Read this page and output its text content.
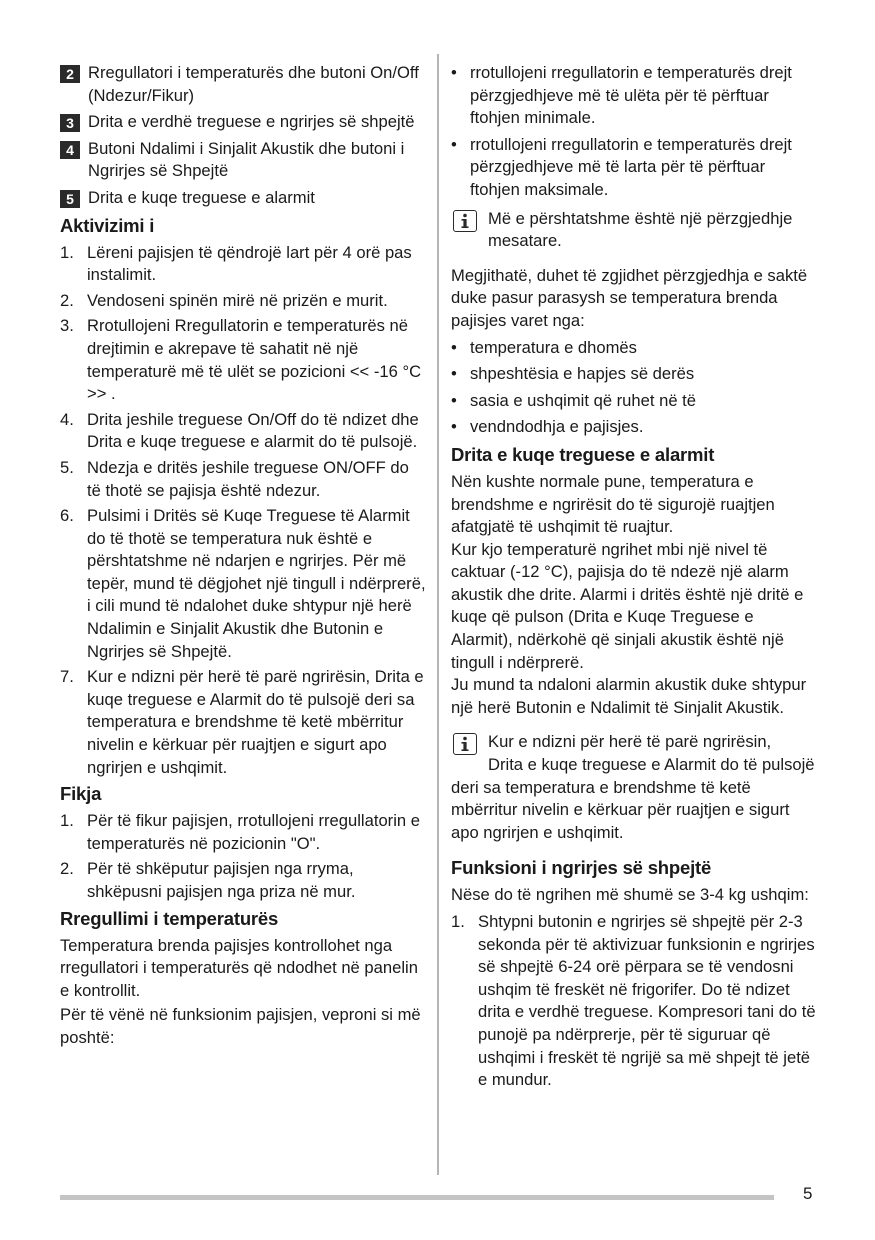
2 Rregullatori i temperaturës dhe butoni On/Off (Ndezur/Fikur)
3 Drita e verdhë treguese e ngrirjes së shpejtë
4 Butoni Ndalimi i Sinjalit Akustik dhe butoni i Ngrirjes së Shpejtë
5 Drita e kuqe treguese e alarmit
Aktivizimi i
1. Lëreni pajisjen të qëndrojë lart për 4 orë pas instalimit.
2. Vendoseni spinën mirë në prizën e murit.
3. Rrotullojeni Rregullatorin e temperaturës në drejtimin e akrepave të sahatit në një temperaturë më të ulët se pozicioni << -16 °C >> .
4. Drita jeshile treguese On/Off do të ndizet dhe Drita e kuqe treguese e alarmit do të pulsojë.
5. Ndezja e dritës jeshile treguese ON/OFF do të thotë se pajisja është ndezur.
6. Pulsimi i Dritës së Kuqe Treguese të Alarmit do të thotë se temperatura nuk është e përshtatshme në ndarjen e ngrirjes. Për më tepër, mund të dëgjohet një tingull i ndërprerë, i cili mund të ndalohet duke shtypur një herë Ndalimin e Sinjalit Akustik dhe Butonin e Ngrirjes së Shpejtë.
7. Kur e ndizni për herë të parë ngrirësin, Drita e kuqe treguese e Alarmit do të pulsojë deri sa temperatura e brendshme të ketë mbërritur nivelin e kërkuar për ruajtjen e sigurt apo ngrirjen e ushqimit.
Fikja
1. Për të fikur pajisjen, rrotullojeni rregullatorin e temperaturës në pozicionin "O".
2. Për të shkëputur pajisjen nga rryma, shkëpusni pajisjen nga priza në mur.
Rregullimi i temperaturës

Temperatura brenda pajisjes kontrollohet nga rregullatori i temperaturës që ndodhet në panelin e kontrollit.

Për të vënë në funksionim pajisjen, veproni si më poshtë:

• rrotullojeni rregullatorin e temperaturës drejt përzgjedhjeve më të ulëta për të përftuar ftohjen minimale.
• rrotullojeni rregullatorin e temperaturës drejt përzgjedhjeve më të larta për të përftuar ftohjen maksimale.
Më e përshtatshme është një përzgjedhje mesatare.

Megjithatë, duhet të zgjidhet përzgjedhja e saktë duke pasur parasysh se temperatura brenda pajisjes varet nga:

• temperatura e dhomës
• shpeshtësia e hapjes së derës
• sasia e ushqimit që ruhet në të
• vendndodhja e pajisjes.
Drita e kuqe treguese e alarmit

Nën kushte normale pune, temperatura e brendshme e ngrirësit do të sigurojë ruajtjen afatgjatë të ushqimit të ruajtur.

Kur kjo temperaturë ngrihet mbi një nivel të caktuar (-12 °C), pajisja do të ndezë një alarm akustik dhe drite. Alarmi i dritës është një dritë e kuqe që pulson (Drita e Kuqe Treguese e Alarmit), ndërkohë që sinjali akustik është një tingull i ndërprerë.

Ju mund ta ndaloni alarmin akustik duke shtypur një herë Butonin e Ndalimit të Sinjalit Akustik.

Kur e ndizni për herë të parë ngrirësin,
Drita e kuqe treguese e Alarmit do të pulsojë deri sa temperatura e brendshme të ketë mbërritur nivelin e kërkuar për ruajtjen e sigurt apo ngrirjen e ushqimit.
Funksioni i ngrirjes së shpejtë

Nëse do të ngrihen më shumë se 3-4 kg ushqim:

1. Shtypni butonin e ngrirjes së shpejtë për 2-3 sekonda për të aktivizuar funksionin e ngrirjes së shpejtë 6-24 orë përpara se të vendosni ushqim të freskët në frigorifer. Do të ndizet drita e verdhë treguese. Kompresori tani do të punojë pa ndërprerje, për të siguruar që ushqimi i freskët të ngrijë sa më shpejt të jetë e mundur.
5
